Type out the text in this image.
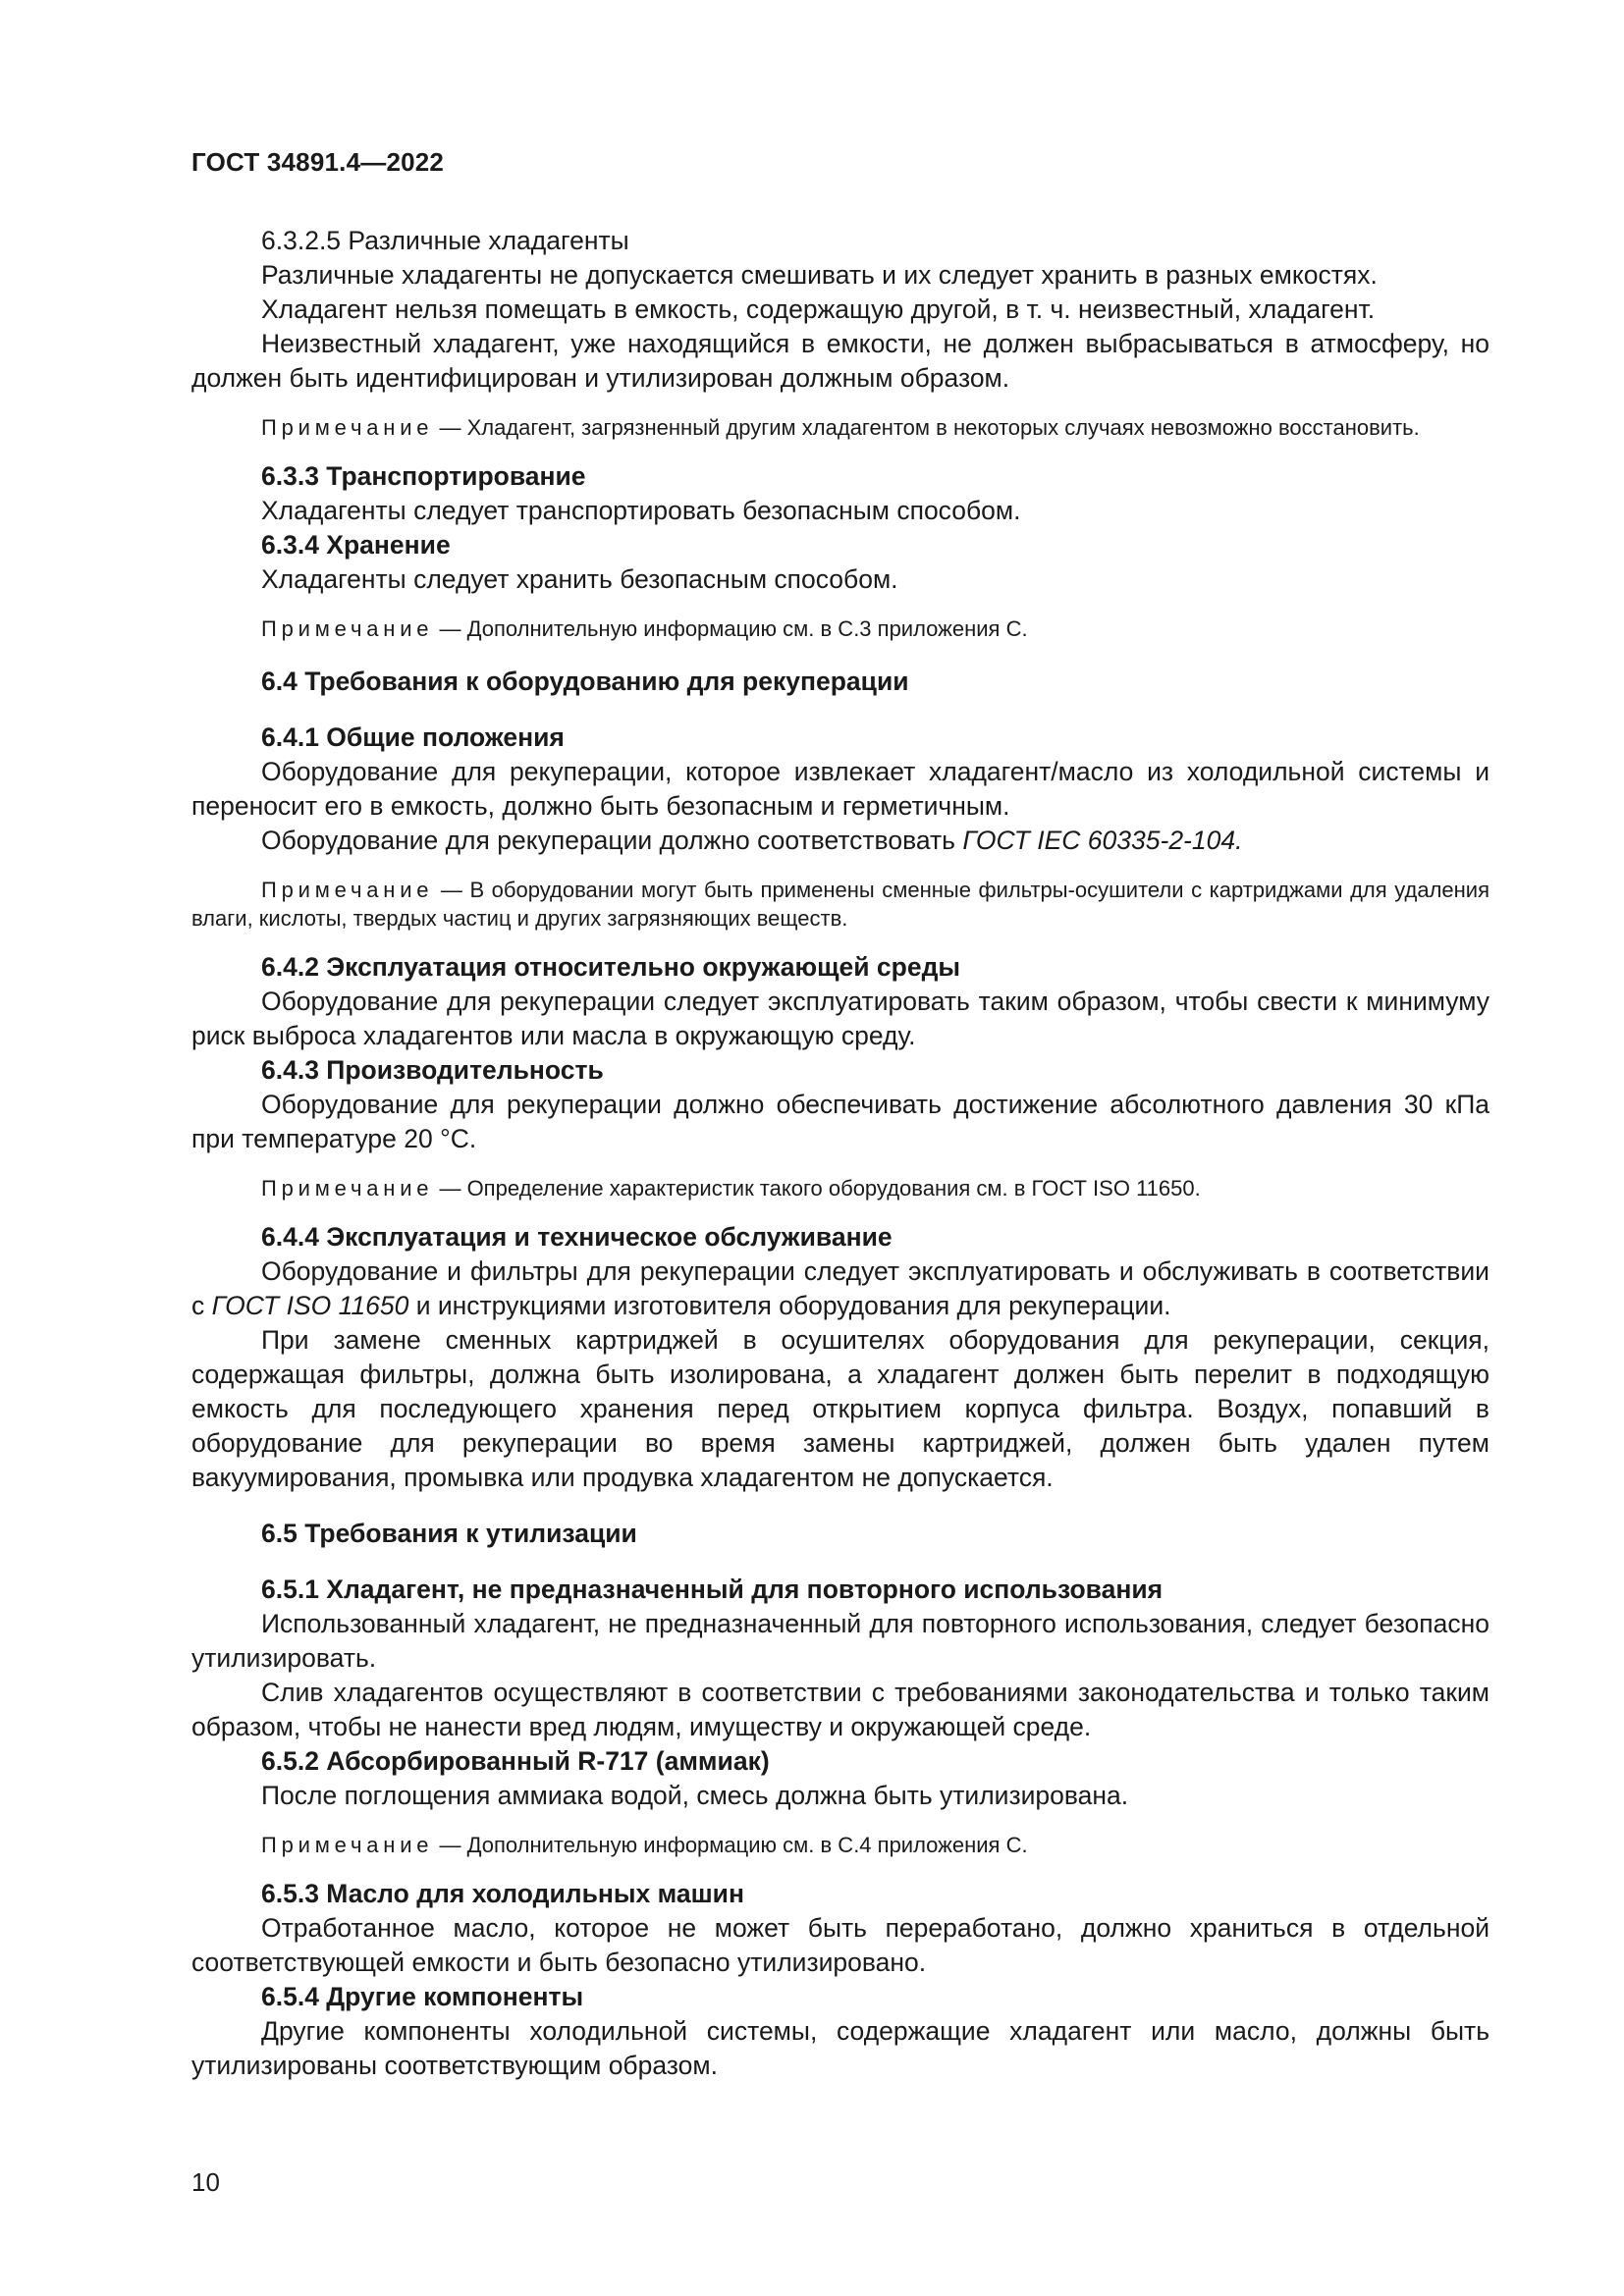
ГОСТ 34891.4—2022

6.3.2.5 Различные хладагенты

Различные хладагенты не допускается смешивать и их следует хранить в разных емкостях.

Хладагент нельзя помещать в емкость, содержащую другой, в т. ч. неизвестный, хладагент.

Неизвестный хладагент, уже находящийся в емкости, не должен выбрасываться в атмосферу, но должен быть идентифицирован и утилизирован должным образом.

Примечание — Хладагент, загрязненный другим хладагентом в некоторых случаях невозможно восстановить.

6.3.3 Транспортирование

Хладагенты следует транспортировать безопасным способом.

6.3.4 Хранение

Хладагенты следует хранить безопасным способом.

Примечание — Дополнительную информацию см. в С.3 приложения С.

6.4 Требования к оборудованию для рекуперации

6.4.1 Общие положения

Оборудование для рекуперации, которое извлекает хладагент/масло из холодильной системы и переносит его в емкость, должно быть безопасным и герметичным.

Оборудование для рекуперации должно соответствовать ГОСТ IEC 60335-2-104.

Примечание — В оборудовании могут быть применены сменные фильтры-осушители с картриджами для удаления влаги, кислоты, твердых частиц и других загрязняющих веществ.

6.4.2 Эксплуатация относительно окружающей среды

Оборудование для рекуперации следует эксплуатировать таким образом, чтобы свести к минимуму риск выброса хладагентов или масла в окружающую среду.

6.4.3 Производительность

Оборудование для рекуперации должно обеспечивать достижение абсолютного давления 30 кПа при температуре 20 °С.

Примечание — Определение характеристик такого оборудования см. в ГОСТ ISO 11650.

6.4.4 Эксплуатация и техническое обслуживание

Оборудование и фильтры для рекуперации следует эксплуатировать и обслуживать в соответствии с ГОСТ ISO 11650 и инструкциями изготовителя оборудования для рекуперации.

При замене сменных картриджей в осушителях оборудования для рекуперации, секция, содержащая фильтры, должна быть изолирована, а хладагент должен быть перелит в подходящую емкость для последующего хранения перед открытием корпуса фильтра. Воздух, попавший в оборудование для рекуперации во время замены картриджей, должен быть удален путем вакуумирования, промывка или продувка хладагентом не допускается.

6.5 Требования к утилизации

6.5.1 Хладагент, не предназначенный для повторного использования

Использованный хладагент, не предназначенный для повторного использования, следует безопасно утилизировать.

Слив хладагентов осуществляют в соответствии с требованиями законодательства и только таким образом, чтобы не нанести вред людям, имуществу и окружающей среде.

6.5.2 Абсорбированный R-717 (аммиак)

После поглощения аммиака водой, смесь должна быть утилизирована.

Примечание — Дополнительную информацию см. в С.4 приложения С.

6.5.3 Масло для холодильных машин

Отработанное масло, которое не может быть переработано, должно храниться в отдельной соответствующей емкости и быть безопасно утилизировано.

6.5.4 Другие компоненты

Другие компоненты холодильной системы, содержащие хладагент или масло, должны быть утилизированы соответствующим образом.

10
